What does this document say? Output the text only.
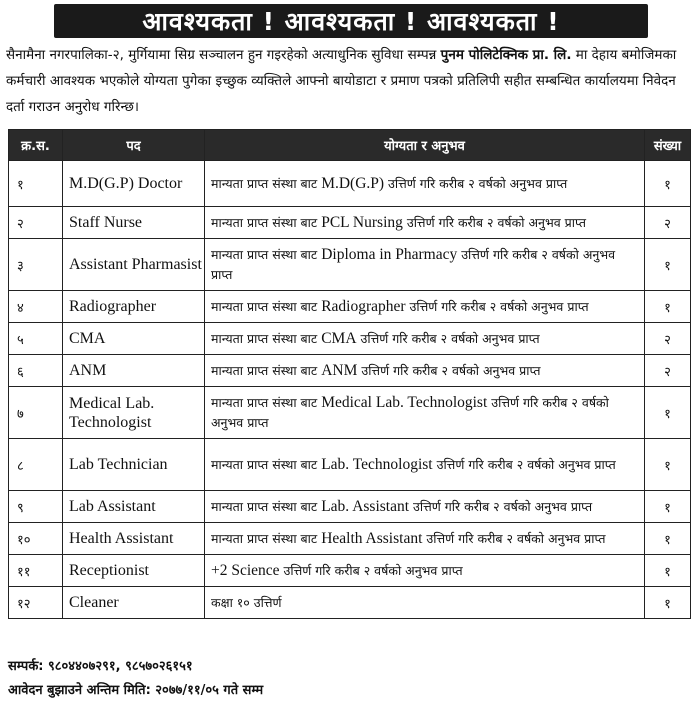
आवश्यकता ! आवश्यकता ! आवश्यकता !
सैनामैना नगरपालिका-२, मुर्गियामा सिग्र सञ्चालन हुन गइरहेको अत्याधुनिक सुविधा सम्पन्न पुनम पोलिटेक्निक प्रा. लि. मा देहाय बमोजिमका कर्मचारी आवश्यक भएकोले योग्यता पुगेका इच्छुक व्यक्तिले आफ्नो बायोडाटा र प्रमाण पत्रको प्रतिलिपी सहीत सम्बन्धित कार्यालयमा निवेदन दर्ता गराउन अनुरोध गरिन्छ।
क्र.स.	पद	योग्यता र अनुभव	संख्या
१	M.D(G.P) Doctor	मान्यता प्राप्त संस्था बाट M.D(G.P) उत्तिर्ण गरि करीब २ वर्षको अनुभव प्राप्त	१
२	Staff Nurse	मान्यता प्राप्त संस्था बाट PCL Nursing उत्तिर्ण गरि करीब २ वर्षको अनुभव प्राप्त	२
३	Assistant Pharmasist	मान्यता प्राप्त संस्था बाट Diploma in Pharmacy उत्तिर्ण गरि करीब २ वर्षको अनुभव प्राप्त	१
४	Radiographer	मान्यता प्राप्त संस्था बाट Radiographer उत्तिर्ण गरि करीब २ वर्षको अनुभव प्राप्त	१
५	CMA	मान्यता प्राप्त संस्था बाट CMA उत्तिर्ण गरि करीब २ वर्षको अनुभव प्राप्त	२
६	ANM	मान्यता प्राप्त संस्था बाट ANM उत्तिर्ण गरि करीब २ वर्षको अनुभव प्राप्त	२
७	Medical Lab. Technologist	मान्यता प्राप्त संस्था बाट Medical Lab. Technologist उत्तिर्ण गरि करीब २ वर्षको अनुभव प्राप्त	१
८	Lab Technician	मान्यता प्राप्त संस्था बाट Lab. Technologist उत्तिर्ण गरि करीब २ वर्षको अनुभव प्राप्त	१
९	Lab Assistant	मान्यता प्राप्त संस्था बाट Lab. Assistant उत्तिर्ण गरि करीब २ वर्षको अनुभव प्राप्त	१
१०	Health Assistant	मान्यता प्राप्त संस्था बाट Health Assistant उत्तिर्ण गरि करीब २ वर्षको अनुभव प्राप्त	१
११	Receptionist	+2 Science उत्तिर्ण गरि करीब २ वर्षको अनुभव प्राप्त	१
१२	Cleaner	कक्षा १० उत्तिर्ण	१
सम्पर्क: ९८०४४०७२९१, ९८५७०२६१५१
आवेदन बुझाउने अन्तिम मिति: २०७७/११/०५ गते सम्म
